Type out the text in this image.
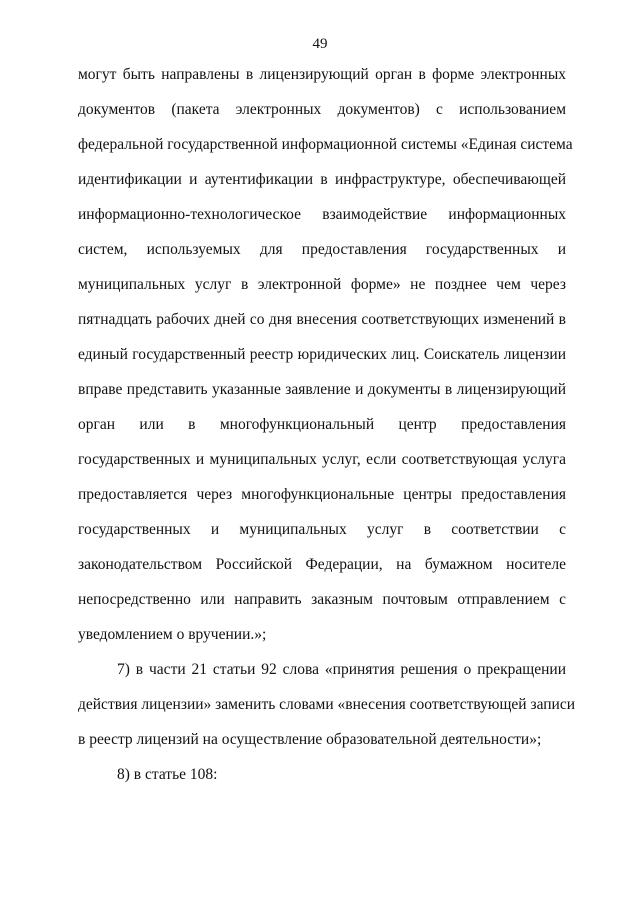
49
могут быть направлены в лицензирующий орган в форме электронных
документов (пакета электронных документов) с использованием
федеральной государственной информационной системы «Единая система
идентификации и аутентификации в инфраструктуре, обеспечивающей
информационно-технологическое взаимодействие информационных
систем, используемых для предоставления государственных и
муниципальных услуг в электронной форме» не позднее чем через
пятнадцать рабочих дней со дня внесения соответствующих изменений в
единый государственный реестр юридических лиц. Соискатель лицензии
вправе представить указанные заявление и документы в лицензирующий
орган или в многофункциональный центр предоставления
государственных и муниципальных услуг, если соответствующая услуга
предоставляется через многофункциональные центры предоставления
государственных и муниципальных услуг в соответствии с
законодательством Российской Федерации, на бумажном носителе
непосредственно или направить заказным почтовым отправлением с
уведомлением о вручении.»;
7) в части 21 статьи 92 слова «принятия решения о прекращении
действия лицензии» заменить словами «внесения соответствующей записи
в реестр лицензий на осуществление образовательной деятельности»;
8) в статье 108:
